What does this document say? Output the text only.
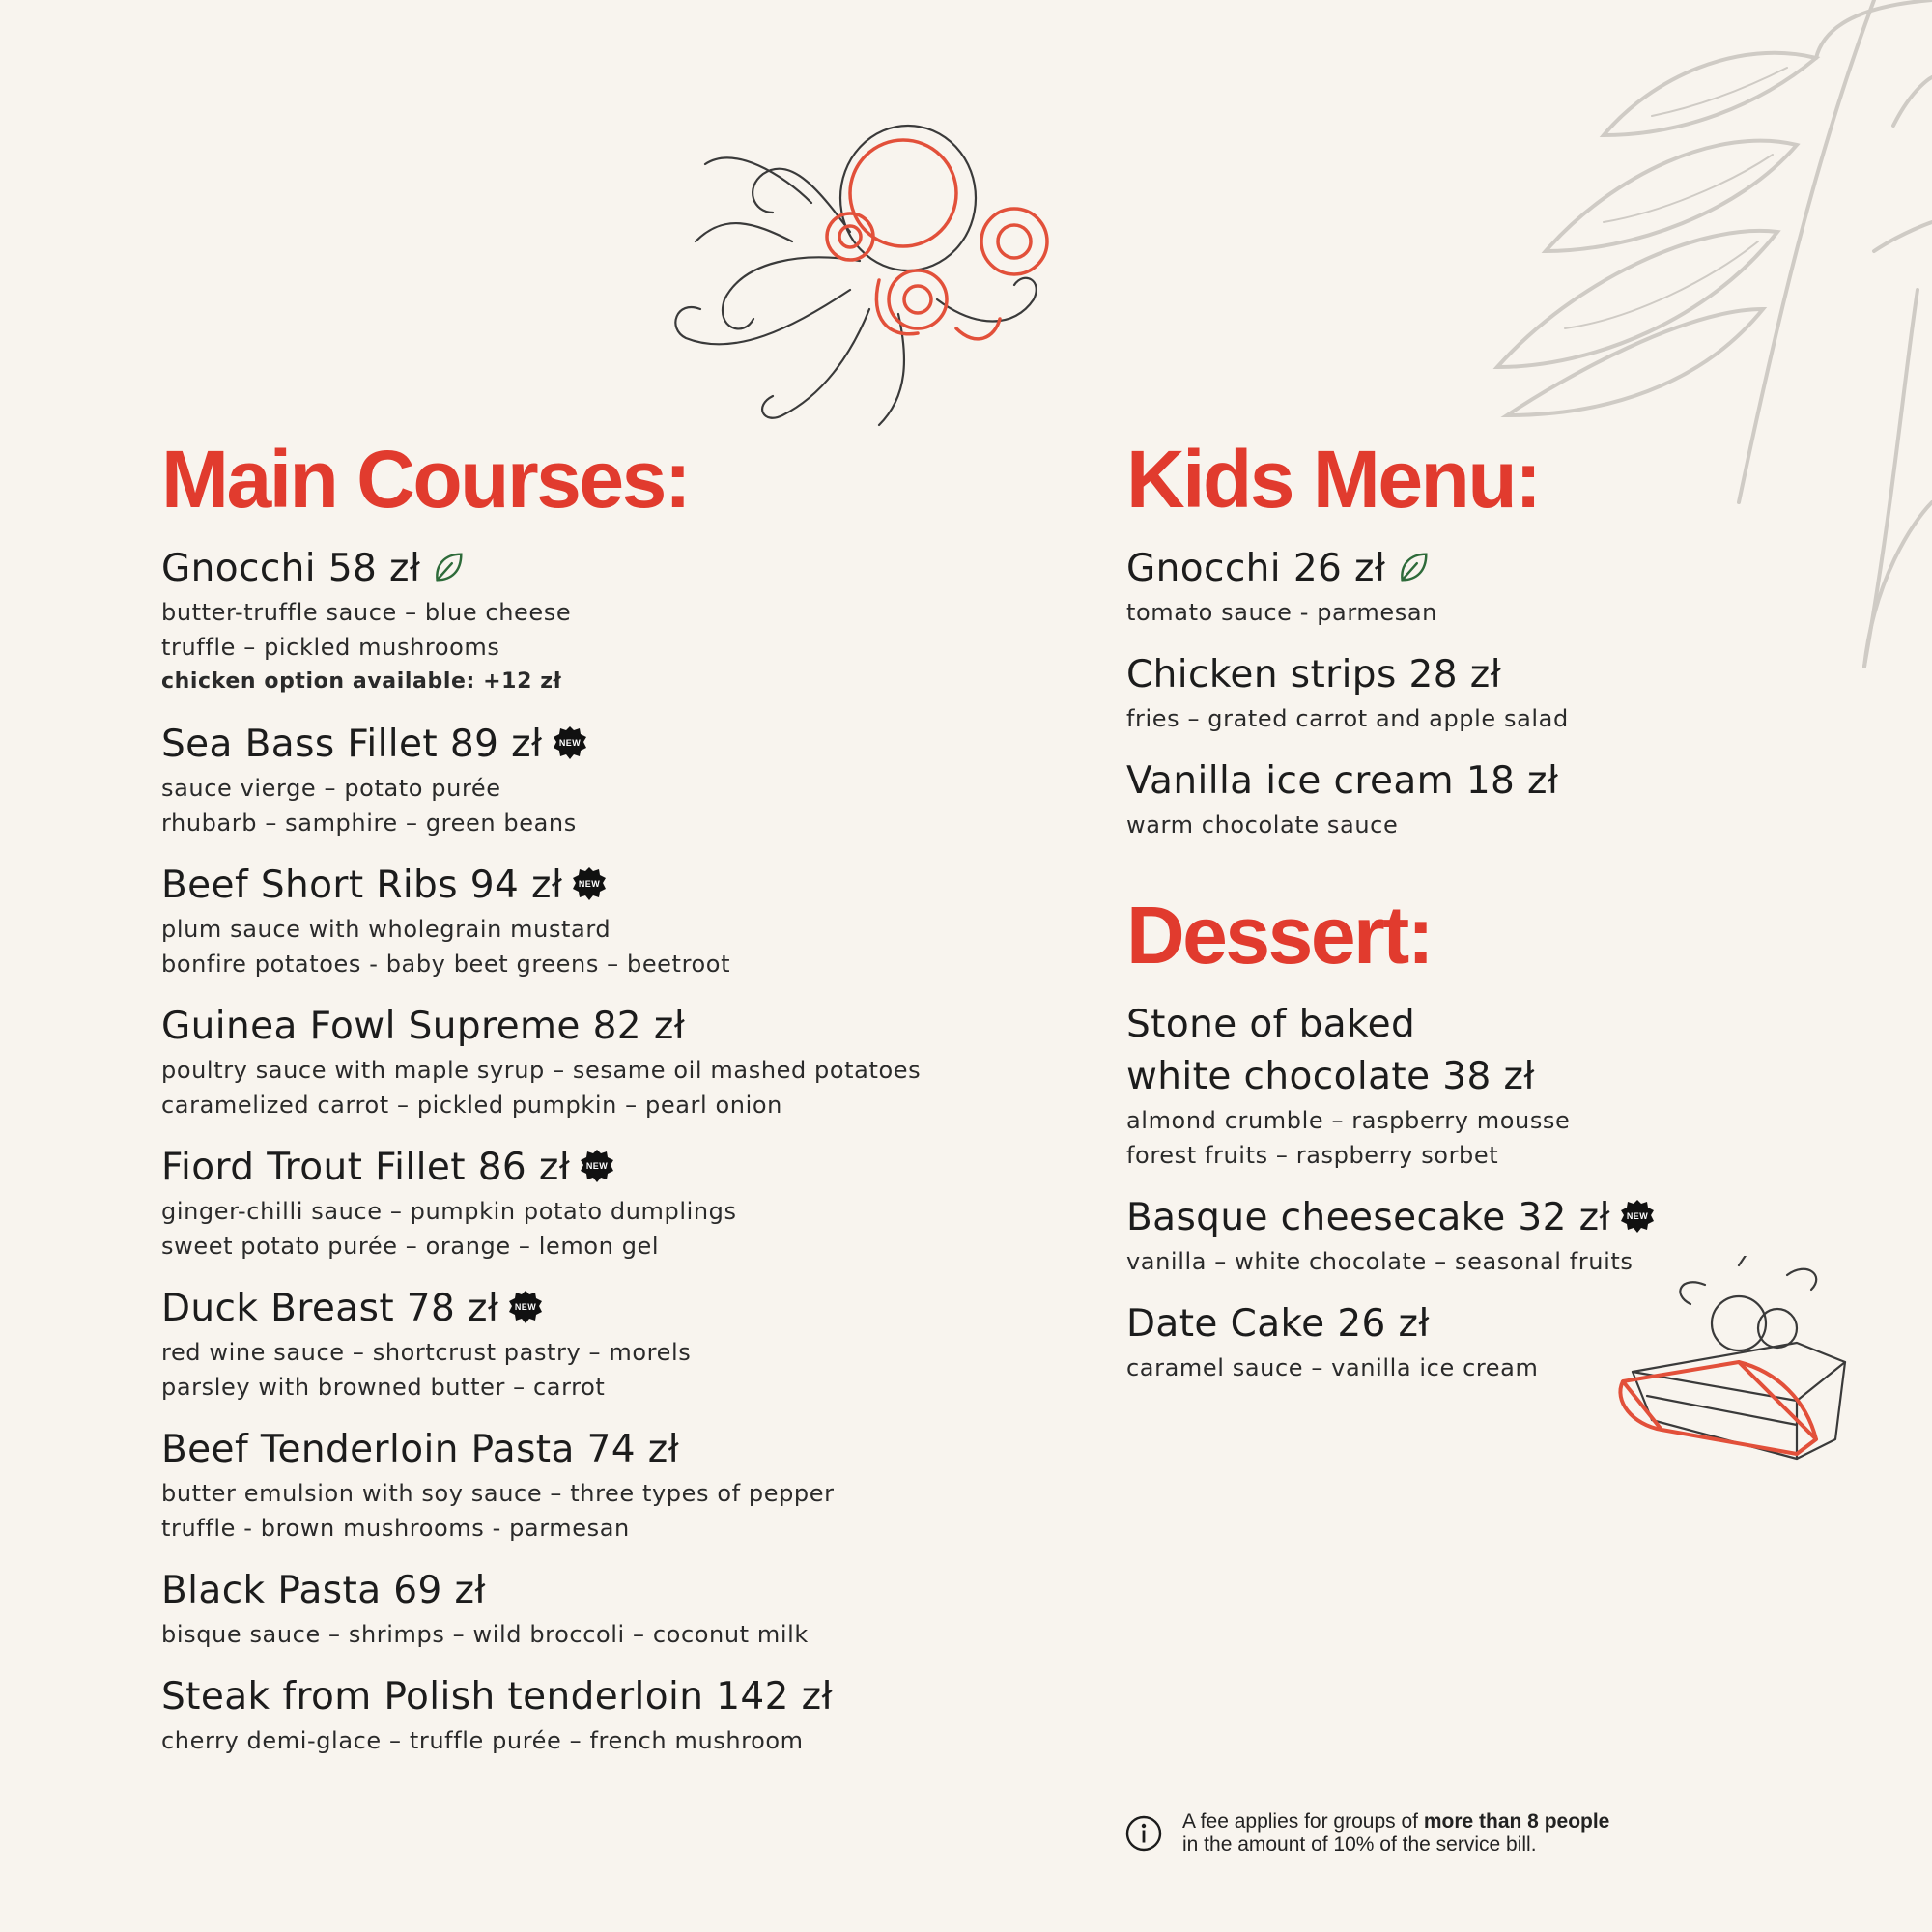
Main Courses:
Gnocchi 58 zł
butter-truffle sauce – blue cheese
truffle – pickled mushrooms
chicken option available: +12 zł
Sea Bass Fillet 89 zł NEW
sauce vierge – potato purée
rhubarb – samphire – green beans
Beef Short Ribs 94 zł NEW
plum sauce with wholegrain mustard
bonfire potatoes - baby beet greens – beetroot
Guinea Fowl Supreme 82 zł
poultry sauce with maple syrup – sesame oil mashed potatoes
caramelized carrot – pickled pumpkin – pearl onion
Fiord Trout Fillet 86 zł NEW
ginger-chilli sauce – pumpkin potato dumplings
sweet potato purée – orange – lemon gel
Duck Breast 78 zł NEW
red wine sauce – shortcrust pastry – morels
parsley with browned butter – carrot
Beef Tenderloin Pasta 74 zł
butter emulsion with soy sauce – three types of pepper
truffle - brown mushrooms - parmesan
Black Pasta 69 zł
bisque sauce – shrimps – wild broccoli – coconut milk
Steak from Polish tenderloin 142 zł
cherry demi-glace – truffle purée – french mushroom
Kids Menu:
Gnocchi 26 zł
tomato sauce - parmesan
Chicken strips 28 zł
fries – grated carrot and apple salad
Vanilla ice cream 18 zł
warm chocolate sauce
Dessert:
Stone of baked
white chocolate 38 zł
almond crumble – raspberry mousse
forest fruits – raspberry sorbet
Basque cheesecake 32 zł NEW
vanilla – white chocolate – seasonal fruits
Date Cake 26 zł
caramel sauce – vanilla ice cream
A fee applies for groups of more than 8 people
in the amount of 10% of the service bill.
